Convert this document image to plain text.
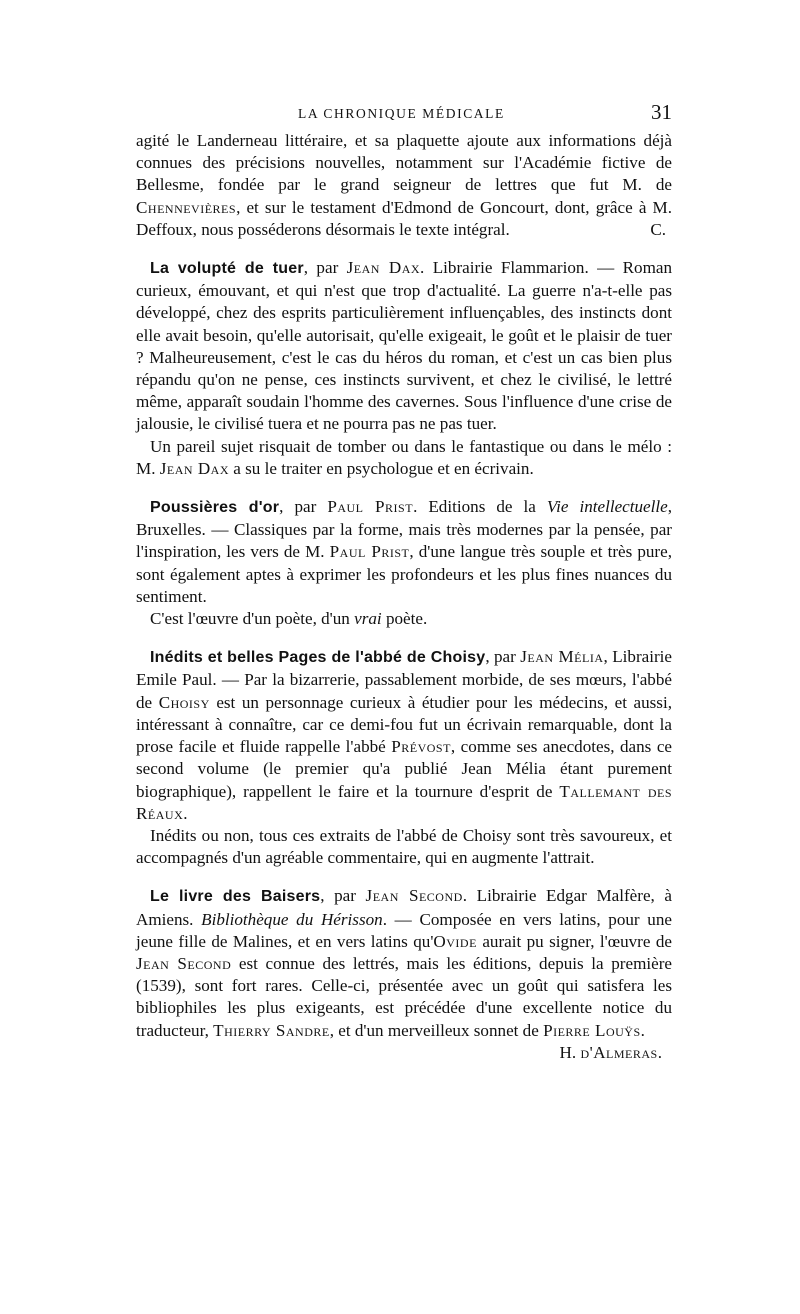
LA CHRONIQUE MÉDICALE	31

agité le Landerneau littéraire, et sa plaquette ajoute aux informations déjà connues des précisions nouvelles, notamment sur l'Académie fictive de Bellesme, fondée par le grand seigneur de lettres que fut M. de Chennevières, et sur le testament d'Edmond de Goncourt, dont, grâce à M. Deffoux, nous posséderons désormais le texte intégral.	C.

La volupté de tuer, par Jean Dax. Librairie Flammarion. — Roman curieux, émouvant, et qui n'est que trop d'actualité. La guerre n'a-t-elle pas développé, chez des esprits particulièrement influençables, des instincts dont elle avait besoin, qu'elle autorisait, qu'elle exigeait, le goût et le plaisir de tuer ? Malheureusement, c'est le cas du héros du roman, et c'est un cas bien plus répandu qu'on ne pense, ces instincts survivent, et chez le civilisé, le lettré même, apparaît soudain l'homme des cavernes. Sous l'influence d'une crise de jalousie, le civilisé tuera et ne pourra pas ne pas tuer.

Un pareil sujet risquait de tomber ou dans le fantastique ou dans le mélo : M. Jean Dax a su le traiter en psychologue et en écrivain.

Poussières d'or, par Paul Prist. Editions de la Vie intellectuelle, Bruxelles. — Classiques par la forme, mais très modernes par la pensée, par l'inspiration, les vers de M. Paul Prist, d'une langue très souple et très pure, sont également aptes à exprimer les profondeurs et les plus fines nuances du sentiment.

C'est l'œuvre d'un poète, d'un vrai poète.

Inédits et belles Pages de l'abbé de Choisy, par Jean Mélia, Librairie Emile Paul. — Par la bizarrerie, passablement morbide, de ses mœurs, l'abbé de Choisy est un personnage curieux à étudier pour les médecins, et aussi, intéressant à connaître, car ce demi-fou fut un écrivain remarquable, dont la prose facile et fluide rappelle l'abbé Prévost, comme ses anecdotes, dans ce second volume (le premier qu'a publié Jean Mélia étant purement biographique), rappellent le faire et la tournure d'esprit de Tallemant des Réaux.

Inédits ou non, tous ces extraits de l'abbé de Choisy sont très savoureux, et accompagnés d'un agréable commentaire, qui en augmente l'attrait.

Le livre des Baisers, par Jean Second. Librairie Edgar Malfère, à Amiens. Bibliothèque du Hérisson. — Composée en vers latins, pour une jeune fille de Malines, et en vers latins qu'Ovide aurait pu signer, l'œuvre de Jean Second est connue des lettrés, mais les éditions, depuis la première (1539), sont fort rares. Celle-ci, présentée avec un goût qui satisfera les bibliophiles les plus exigeants, est précédée d'une excellente notice du traducteur, Thierry Sandre, et d'un merveilleux sonnet de Pierre Louÿs.

H. d'Almeras.
